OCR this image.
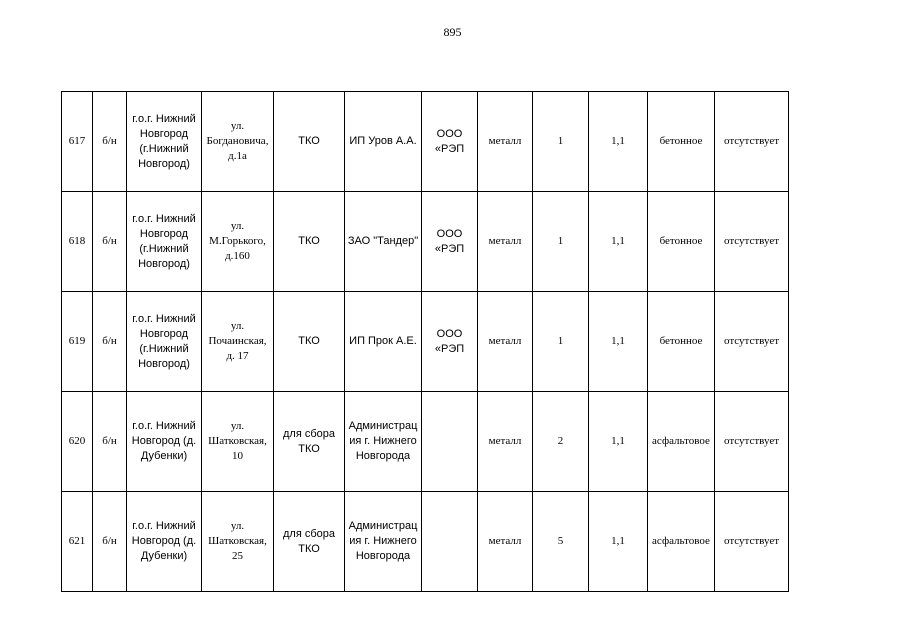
895
617	б/н	г.о.г. Нижний
Новгород
(г.Нижний
Новгород)	ул.
Богдановича,
д.1а	ТКО	ИП Уров А.А.	ООО
«РЭП	металл	1	1,1	бетонное	отсутствует

618	б/н	г.о.г. Нижний
Новгород
(г.Нижний
Новгород)	ул.
М.Горького,
д.160	ТКО	ЗАО "Тандер"	ООО
«РЭП	металл	1	1,1	бетонное	отсутствует

619	б/н	г.о.г. Нижний
Новгород
(г.Нижний
Новгород)	ул.
Почаинская,
д. 17	ТКО	ИП Прок А.Е.	ООО
«РЭП	металл	1	1,1	бетонное	отсутствует

620	б/н	г.о.г. Нижний
Новгород (д.
Дубенки)	ул.
Шатковская,
10	для сбора
ТКО	Администрац
ия г. Нижнего
Новгорода		металл	2	1,1	асфальтовое	отсутствует

621	б/н	г.о.г. Нижний
Новгород (д.
Дубенки)	ул.
Шатковская,
25	для сбора
ТКО	Администрац
ия г. Нижнего
Новгорода		металл	5	1,1	асфальтовое	отсутствует
